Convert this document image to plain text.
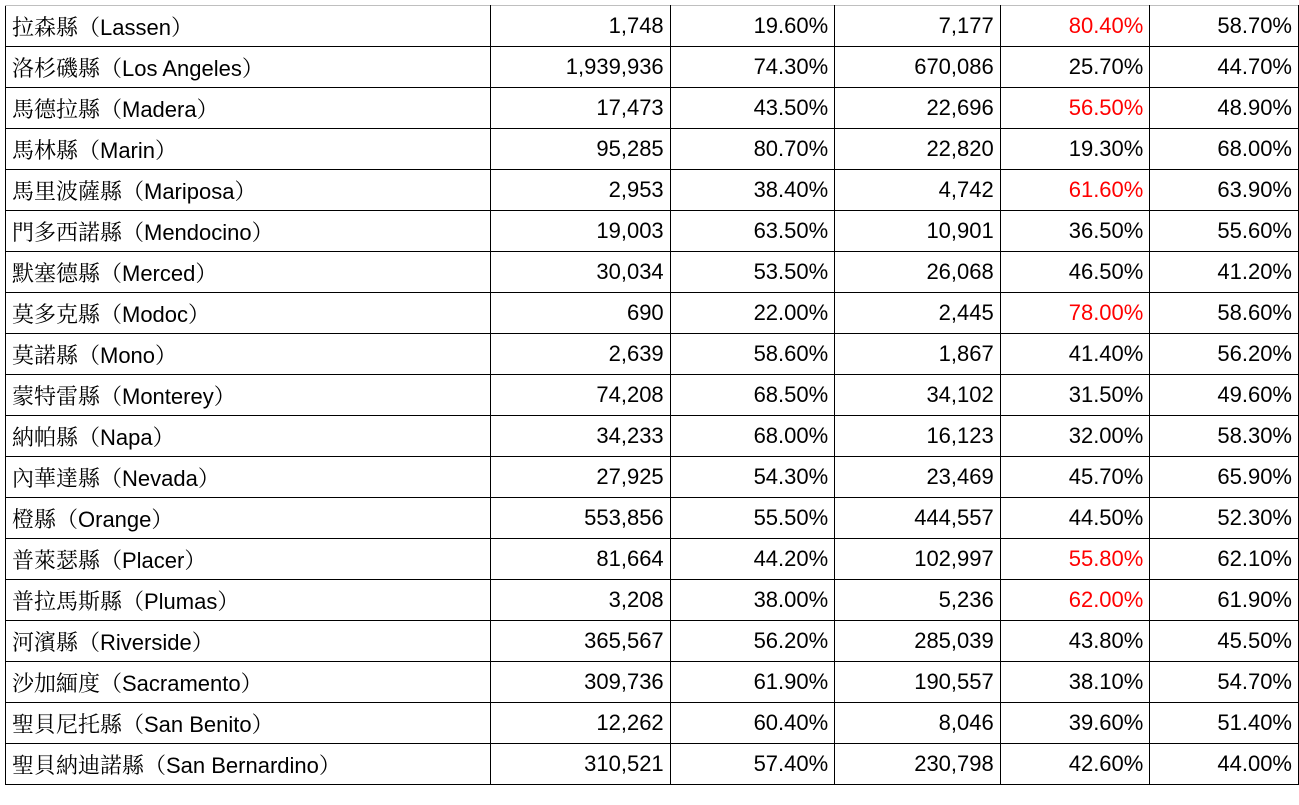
拉森縣（Lassen）	1,748	19.60%	7,177	80.40%	58.70%
洛杉磯縣（Los Angeles）	1,939,936	74.30%	670,086	25.70%	44.70%
馬德拉縣（Madera）	17,473	43.50%	22,696	56.50%	48.90%
馬林縣（Marin）	95,285	80.70%	22,820	19.30%	68.00%
馬里波薩縣（Mariposa）	2,953	38.40%	4,742	61.60%	63.90%
門多西諾縣（Mendocino）	19,003	63.50%	10,901	36.50%	55.60%
默塞德縣（Merced）	30,034	53.50%	26,068	46.50%	41.20%
莫多克縣（Modoc）	690	22.00%	2,445	78.00%	58.60%
莫諾縣（Mono）	2,639	58.60%	1,867	41.40%	56.20%
蒙特雷縣（Monterey）	74,208	68.50%	34,102	31.50%	49.60%
納帕縣（Napa）	34,233	68.00%	16,123	32.00%	58.30%
內華達縣（Nevada）	27,925	54.30%	23,469	45.70%	65.90%
橙縣（Orange）	553,856	55.50%	444,557	44.50%	52.30%
普萊瑟縣（Placer）	81,664	44.20%	102,997	55.80%	62.10%
普拉馬斯縣（Plumas）	3,208	38.00%	5,236	62.00%	61.90%
河濱縣（Riverside）	365,567	56.20%	285,039	43.80%	45.50%
沙加緬度（Sacramento）	309,736	61.90%	190,557	38.10%	54.70%
聖貝尼托縣（San Benito）	12,262	60.40%	8,046	39.60%	51.40%
聖貝納迪諾縣（San Bernardino）	310,521	57.40%	230,798	42.60%	44.00%
